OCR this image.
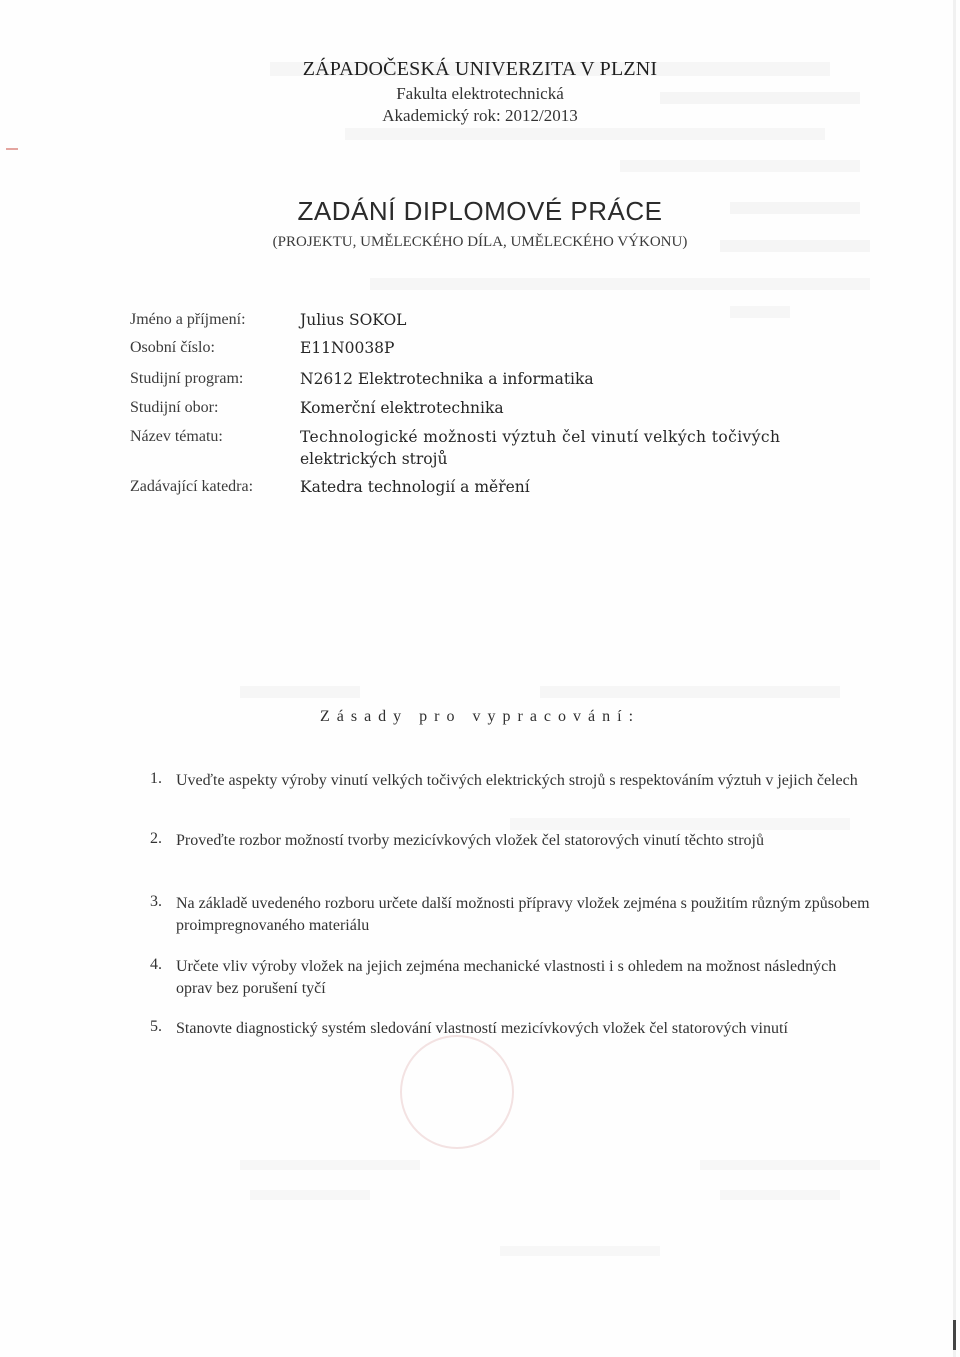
ZÁPADOČESKÁ UNIVERZITA V PLZNI
Fakulta elektrotechnická
Akademický rok: 2012/2013
ZADÁNÍ DIPLOMOVÉ PRÁCE
(PROJEKTU, UMĚLECKÉHO DÍLA, UMĚLECKÉHO VÝKONU)
Jméno a příjmení:	Julius SOKOL
Osobní číslo:	E11N0038P
Studijní program:	N2612 Elektrotechnika a informatika
Studijní obor:	Komerční elektrotechnika
Název tématu:	Technologické možnosti výztuh čel vinutí velkých točivých
elektrických strojů
Zadávající katedra:	Katedra technologií a měření
Zásady pro vypracování:
1. Uveďte aspekty výroby vinutí velkých točivých elektrických strojů s respektováním výztuh v jejich čelech
2. Proveďte rozbor možností tvorby mezicívkových vložek čel statorových vinutí těchto strojů
3. Na základě uvedeného rozboru určete další možnosti přípravy vložek zejména s použitím různým způsobem proimpregnovaného materiálu
4. Určete vliv výroby vložek na jejich zejména mechanické vlastnosti i s ohledem na možnost následných oprav bez porušení tyčí
5. Stanovte diagnostický systém sledování vlastností mezicívkových vložek čel statorových vinutí
